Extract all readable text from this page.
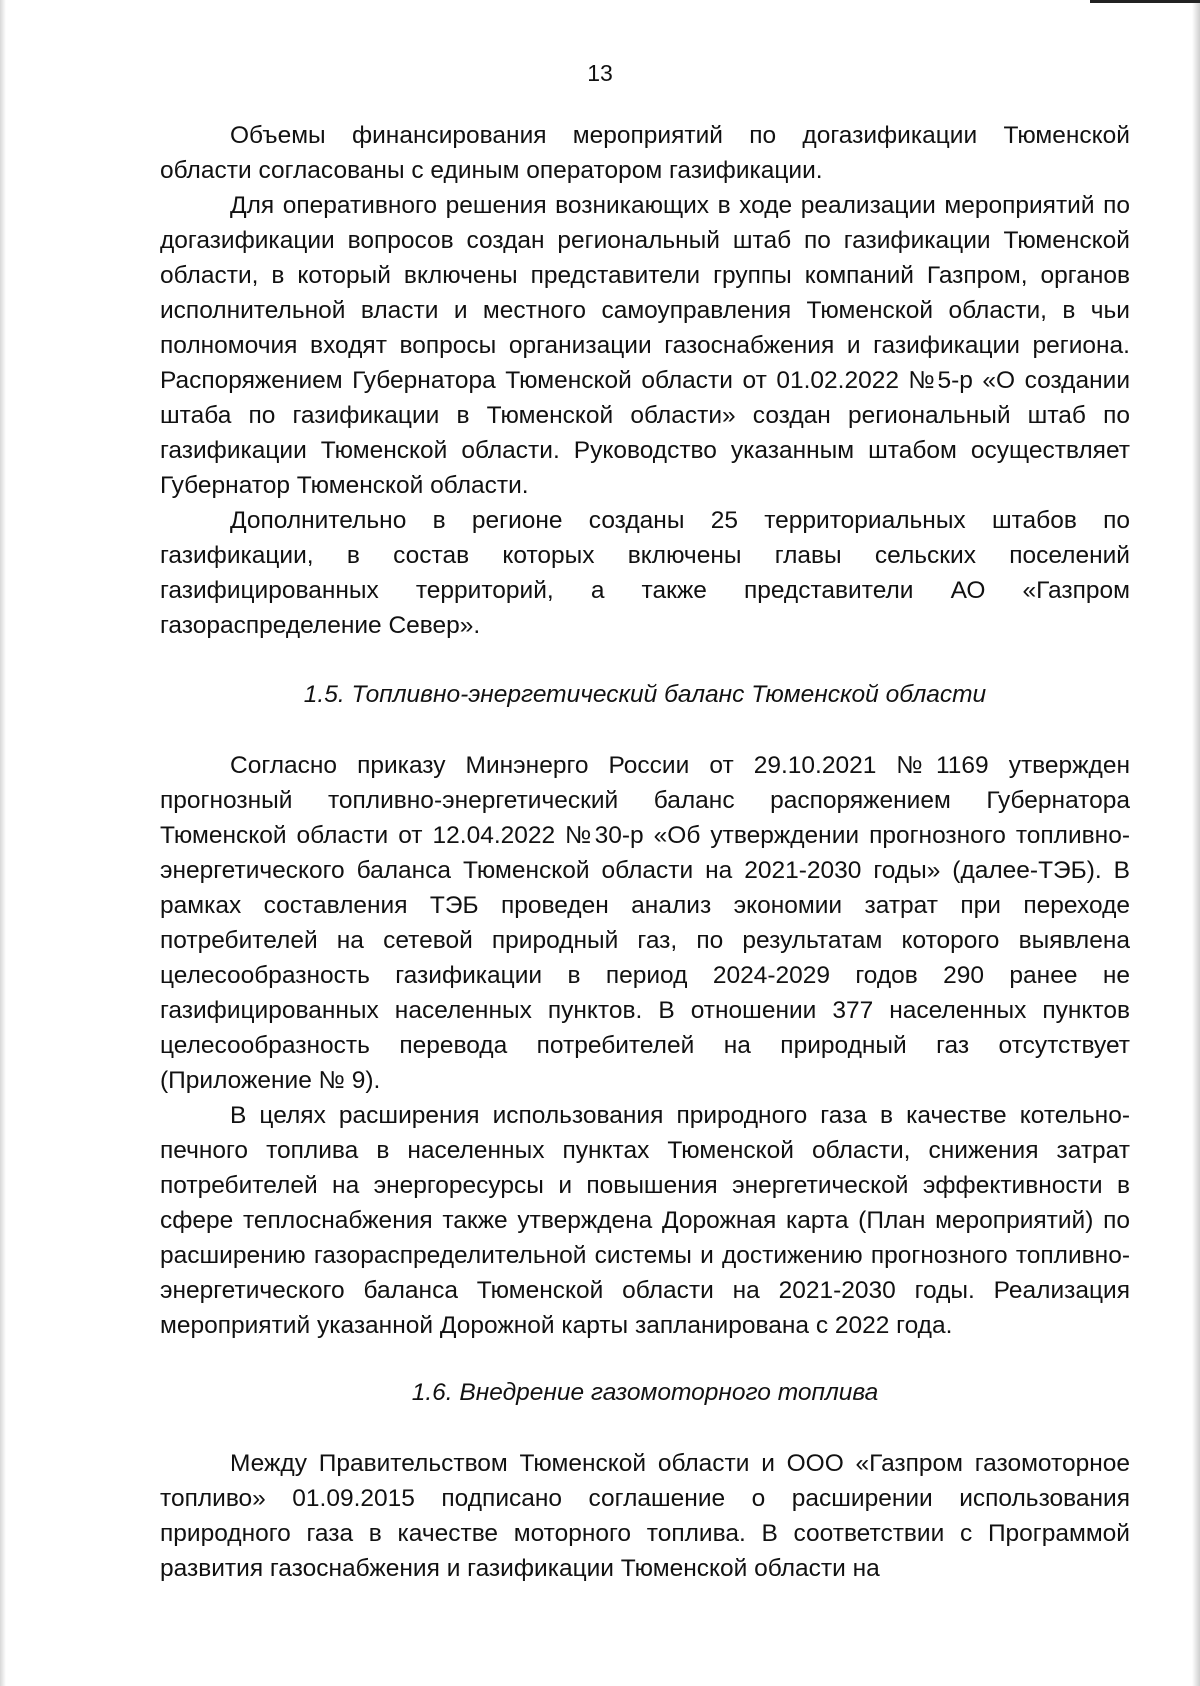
13

Объемы финансирования мероприятий по догазификации Тюменской области согласованы с единым оператором газификации.

Для оперативного решения возникающих в ходе реализации мероприятий по догазификации вопросов создан региональный штаб по газификации Тюменской области, в который включены представители группы компаний Газпром, органов исполнительной власти и местного самоуправления Тюменской области, в чьи полномочия входят вопросы организации газоснабжения и газификации региона. Распоряжением Губернатора Тюменской области от 01.02.2022 №5-р «О создании штаба по газификации в Тюменской области» создан региональный штаб по газификации Тюменской области. Руководство указанным штабом осуществляет Губернатор Тюменской области.

Дополнительно в регионе созданы 25 территориальных штабов по газификации, в состав которых включены главы сельских поселений газифицированных территорий, а также представители АО «Газпром газораспределение Север».

1.5. Топливно-энергетический баланс Тюменской области

Согласно приказу Минэнерго России от 29.10.2021 №1169 утвержден прогнозный топливно-энергетический баланс распоряжением Губернатора Тюменской области от 12.04.2022 №30-р «Об утверждении прогнозного топливно-энергетического баланса Тюменской области на 2021-2030 годы» (далее-ТЭБ). В рамках составления ТЭБ проведен анализ экономии затрат при переходе потребителей на сетевой природный газ, по результатам которого выявлена целесообразность газификации в период 2024-2029 годов 290 ранее не газифицированных населенных пунктов. В отношении 377 населенных пунктов целесообразность перевода потребителей на природный газ отсутствует (Приложение № 9).

В целях расширения использования природного газа в качестве котельно-печного топлива в населенных пунктах Тюменской области, снижения затрат потребителей на энергоресурсы и повышения энергетической эффективности в сфере теплоснабжения также утверждена Дорожная карта (План мероприятий) по расширению газораспределительной системы и достижению прогнозного топливно-энергетического баланса Тюменской области на 2021-2030 годы. Реализация мероприятий указанной Дорожной карты запланирована с 2022 года.

1.6. Внедрение газомоторного топлива

Между Правительством Тюменской области и ООО «Газпром газомоторное топливо» 01.09.2015 подписано соглашение о расширении использования природного газа в качестве моторного топлива. В соответствии с Программой развития газоснабжения и газификации Тюменской области на
